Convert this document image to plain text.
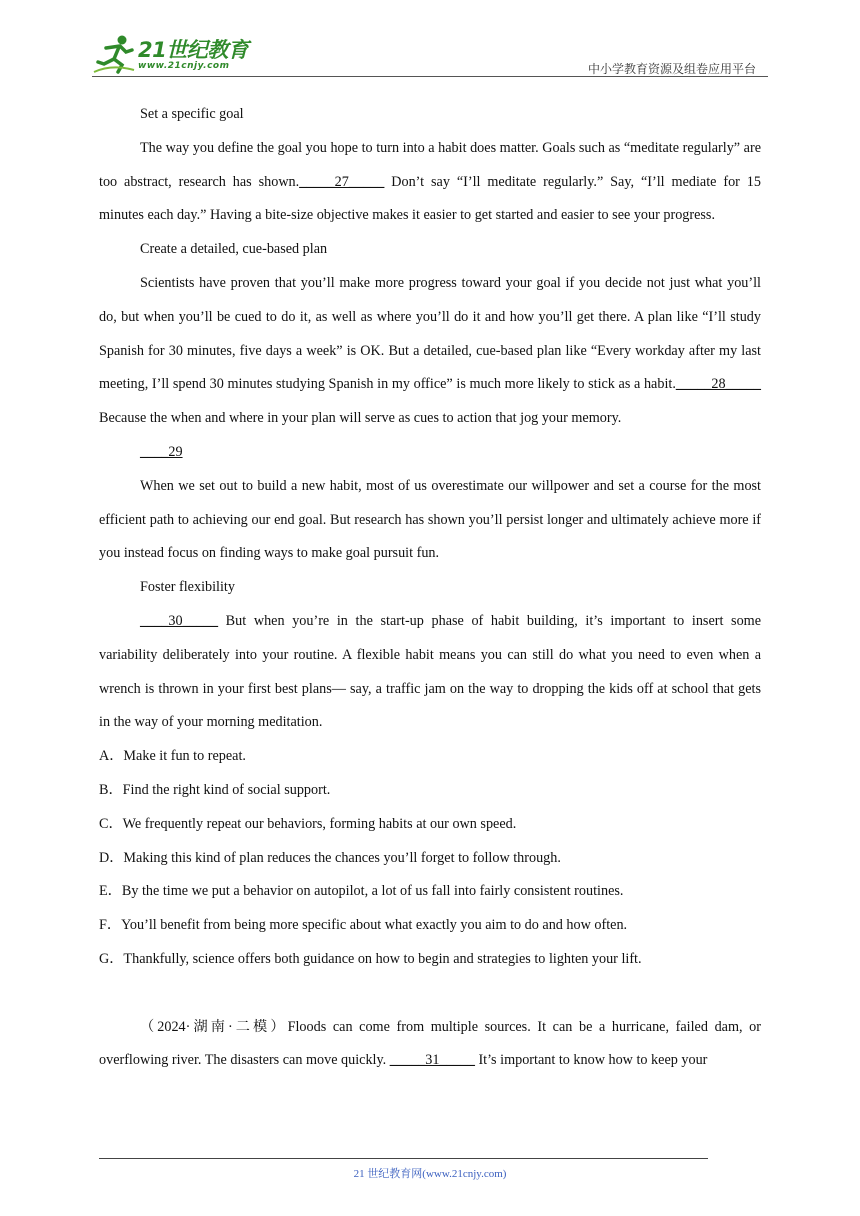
21世纪教育
www.21cnjy.com	中小学教育资源及组卷应用平台

Set a specific goal

The way you define the goal you hope to turn into a habit does matter. Goals such as “meditate regularly” are too abstract, research has shown._____27_____ Don’t say “I’ll meditate regularly.” Say, “I’ll mediate for 15 minutes each day.” Having a bite-size objective makes it easier to get started and easier to see your progress.

Create a detailed, cue-based plan

Scientists have proven that you’ll make more progress toward your goal if you decide not just what you’ll do, but when you’ll be cued to do it, as well as where you’ll do it and how you’ll get there. A plan like “I’ll study Spanish for 30 minutes, five days a week” is OK. But a detailed, cue-based plan like “Every workday after my last meeting, I’ll spend 30 minutes studying Spanish in my office” is much more likely to stick as a habit._____28_____ Because the when and where in your plan will serve as cues to action that jog your memory.

____29

When we set out to build a new habit, most of us overestimate our willpower and set a course for the most efficient path to achieving our end goal. But research has shown you’ll persist longer and ultimately achieve more if you instead focus on finding ways to make goal pursuit fun.

Foster flexibility

____30_____ But when you’re in the start-up phase of habit building, it’s important to insert some variability deliberately into your routine. A flexible habit means you can still do what you need to even when a wrench is thrown in your first best plans— say, a traffic jam on the way to dropping the kids off at school that gets in the way of your morning meditation.

A．Make it fun to repeat.

B．Find the right kind of social support.

C．We frequently repeat our behaviors, forming habits at our own speed.

D．Making this kind of plan reduces the chances you’ll forget to follow through.

E．By the time we put a behavior on autopilot, a lot of us fall into fairly consistent routines.

F．You’ll benefit from being more specific about what exactly you aim to do and how often.

G．Thankfully, science offers both guidance on how to begin and strategies to lighten your lift.

（2024·湖南·二模）Floods can come from multiple sources. It can be a hurricane, failed dam, or overflowing river. The disasters can move quickly. _____31_____ It’s important to know how to keep your

21 世纪教育网(www.21cnjy.com)
